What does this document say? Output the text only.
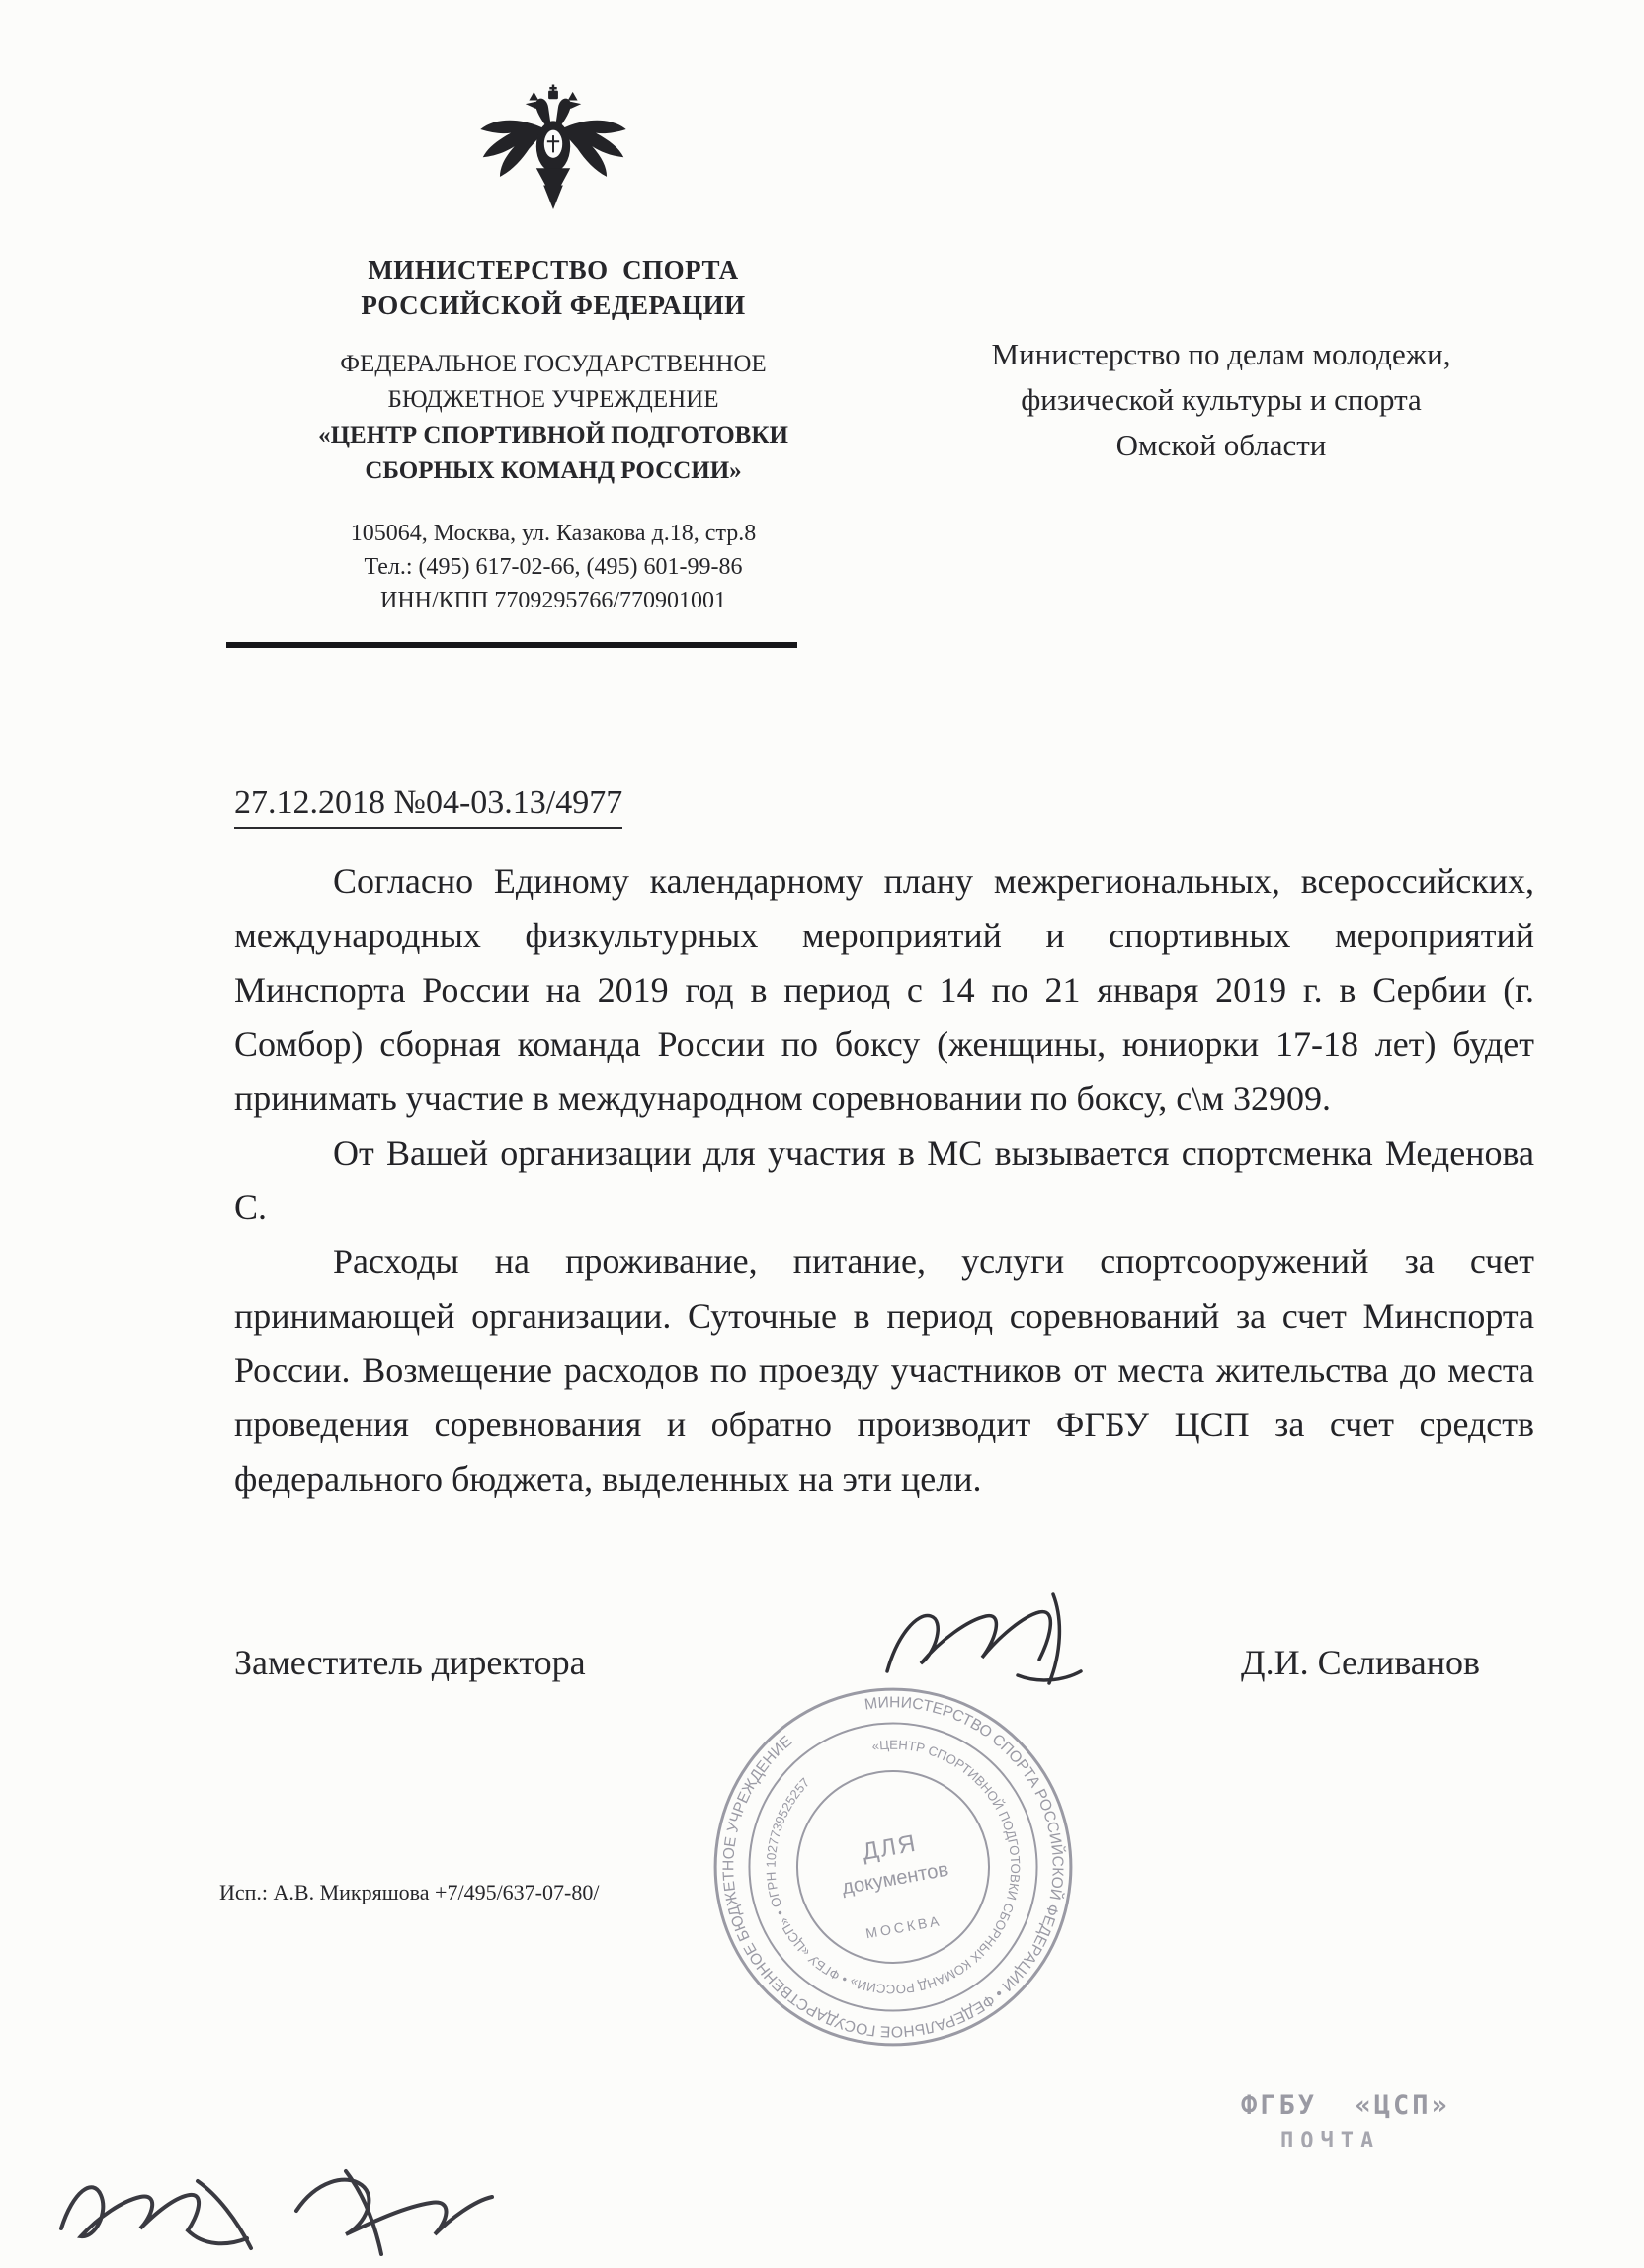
МИНИСТЕРСТВО  СПОРТА
РОССИЙСКОЙ ФЕДЕРАЦИИ
ФЕДЕРАЛЬНОЕ ГОСУДАРСТВЕННОЕ
БЮДЖЕТНОЕ УЧРЕЖДЕНИЕ
«ЦЕНТР СПОРТИВНОЙ ПОДГОТОВКИ
СБОРНЫХ КОМАНД РОССИИ»
105064, Москва, ул. Казакова д.18, стр.8
Тел.: (495) 617-02-66, (495) 601-99-86
ИНН/КПП 7709295766/770901001
Министерство по делам молодежи,
физической культуры и спорта
Омской области
27.12.2018 №04-03.13/4977

Согласно Единому календарному плану межрегиональных, всероссийских, международных физкультурных мероприятий и спортивных мероприятий Минспорта России на 2019 год в период с 14 по 21 января 2019 г. в Сербии (г. Сомбор) сборная команда России по боксу (женщины, юниорки 17-18 лет) будет принимать участие в международном соревновании по боксу, с\м 32909.

От Вашей организации для участия в МС вызывается спортсменка Меденова С.

Расходы на проживание, питание, услуги спортсооружений за счет принимающей организации. Суточные в период соревнований за счет Минспорта России. Возмещение расходов по проезду участников от места жительства до места проведения соревнования и обратно производит ФГБУ ЦСП за счет средств федерального бюджета, выделенных на эти цели.

Заместитель директора	Д.И. Селиванов
Исп.: А.В. Микряшова +7/495/637-07-80/
МИНИСТЕРСТВО СПОРТА РОССИЙСКОЙ ФЕДЕРАЦИИ • ФЕДЕРАЛЬНОЕ ГОСУДАРСТВЕННОЕ БЮДЖЕТНОЕ УЧРЕЖДЕНИЕ	«ЦЕНТР СПОРТИВНОЙ ПОДГОТОВКИ СБОРНЫХ КОМАНД РОССИИ» • ФГБУ «ЦСП» • ОГРН 1027739525257
ДЛЯ
документов
МОСКВА
ФГБУ  «ЦСП»
ПОЧТА
